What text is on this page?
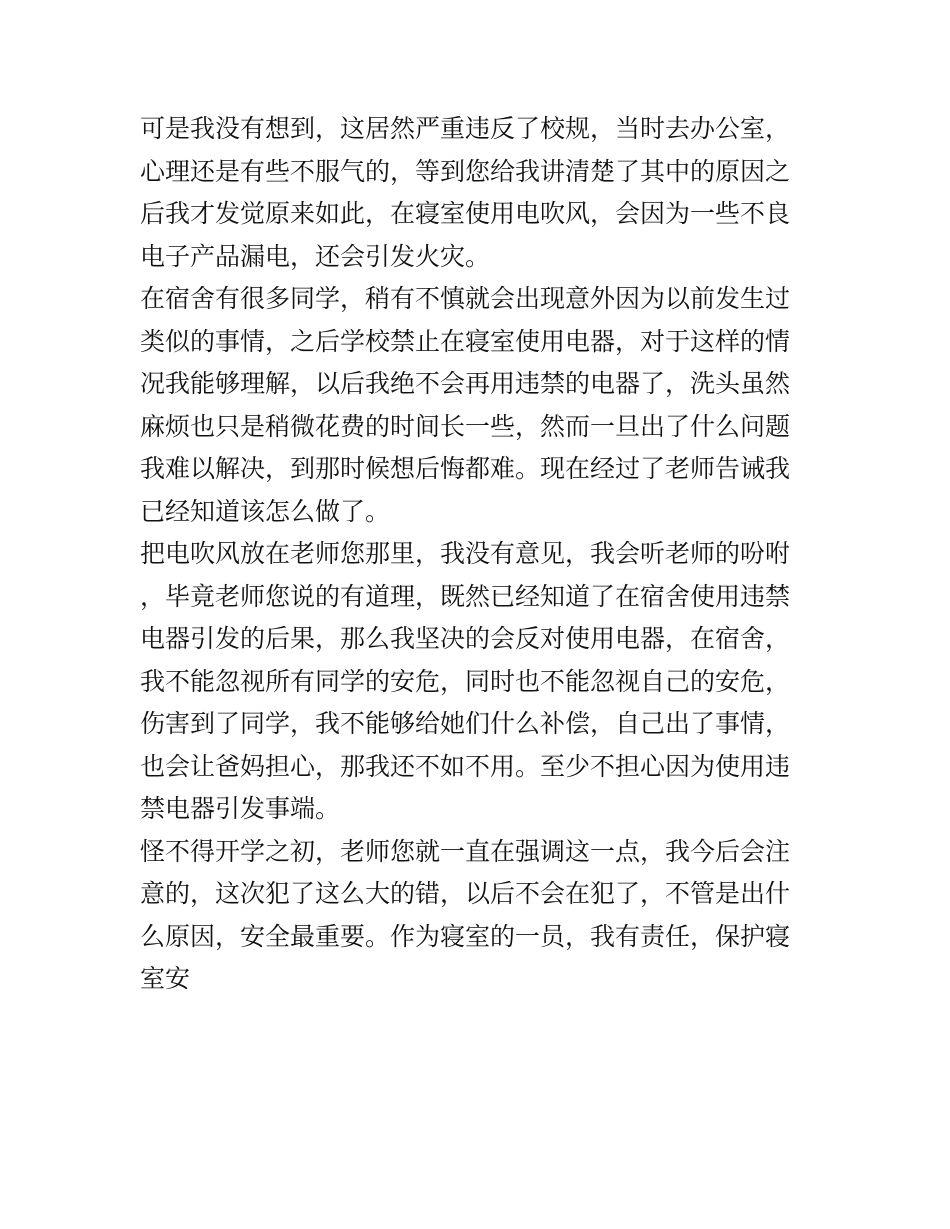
可是我没有想到，这居然严重违反了校规，当时去办公室，心理还是有些不服气的，等到您给我讲清楚了其中的原因之后我才发觉原来如此，在寝室使用电吹风，会因为一些不良电子产品漏电，还会引发火灾。

在宿舍有很多同学，稍有不慎就会出现意外因为以前发生过类似的事情，之后学校禁止在寝室使用电器，对于这样的情况我能够理解，以后我绝不会再用违禁的电器了，洗头虽然麻烦也只是稍微花费的时间长一些，然而一旦出了什么问题我难以解决，到那时候想后悔都难。现在经过了老师告诫我已经知道该怎么做了。

把电吹风放在老师您那里，我没有意见，我会听老师的吩咐，毕竟老师您说的有道理，既然已经知道了在宿舍使用违禁电器引发的后果，那么我坚决的会反对使用电器，在宿舍，我不能忽视所有同学的安危，同时也不能忽视自己的安危，伤害到了同学，我不能够给她们什么补偿，自己出了事情，也会让爸妈担心，那我还不如不用。至少不担心因为使用违禁电器引发事端。

怪不得开学之初，老师您就一直在强调这一点，我今后会注意的，这次犯了这么大的错，以后不会在犯了，不管是出什么原因，安全最重要。作为寝室的一员，我有责任，保护寝室安
